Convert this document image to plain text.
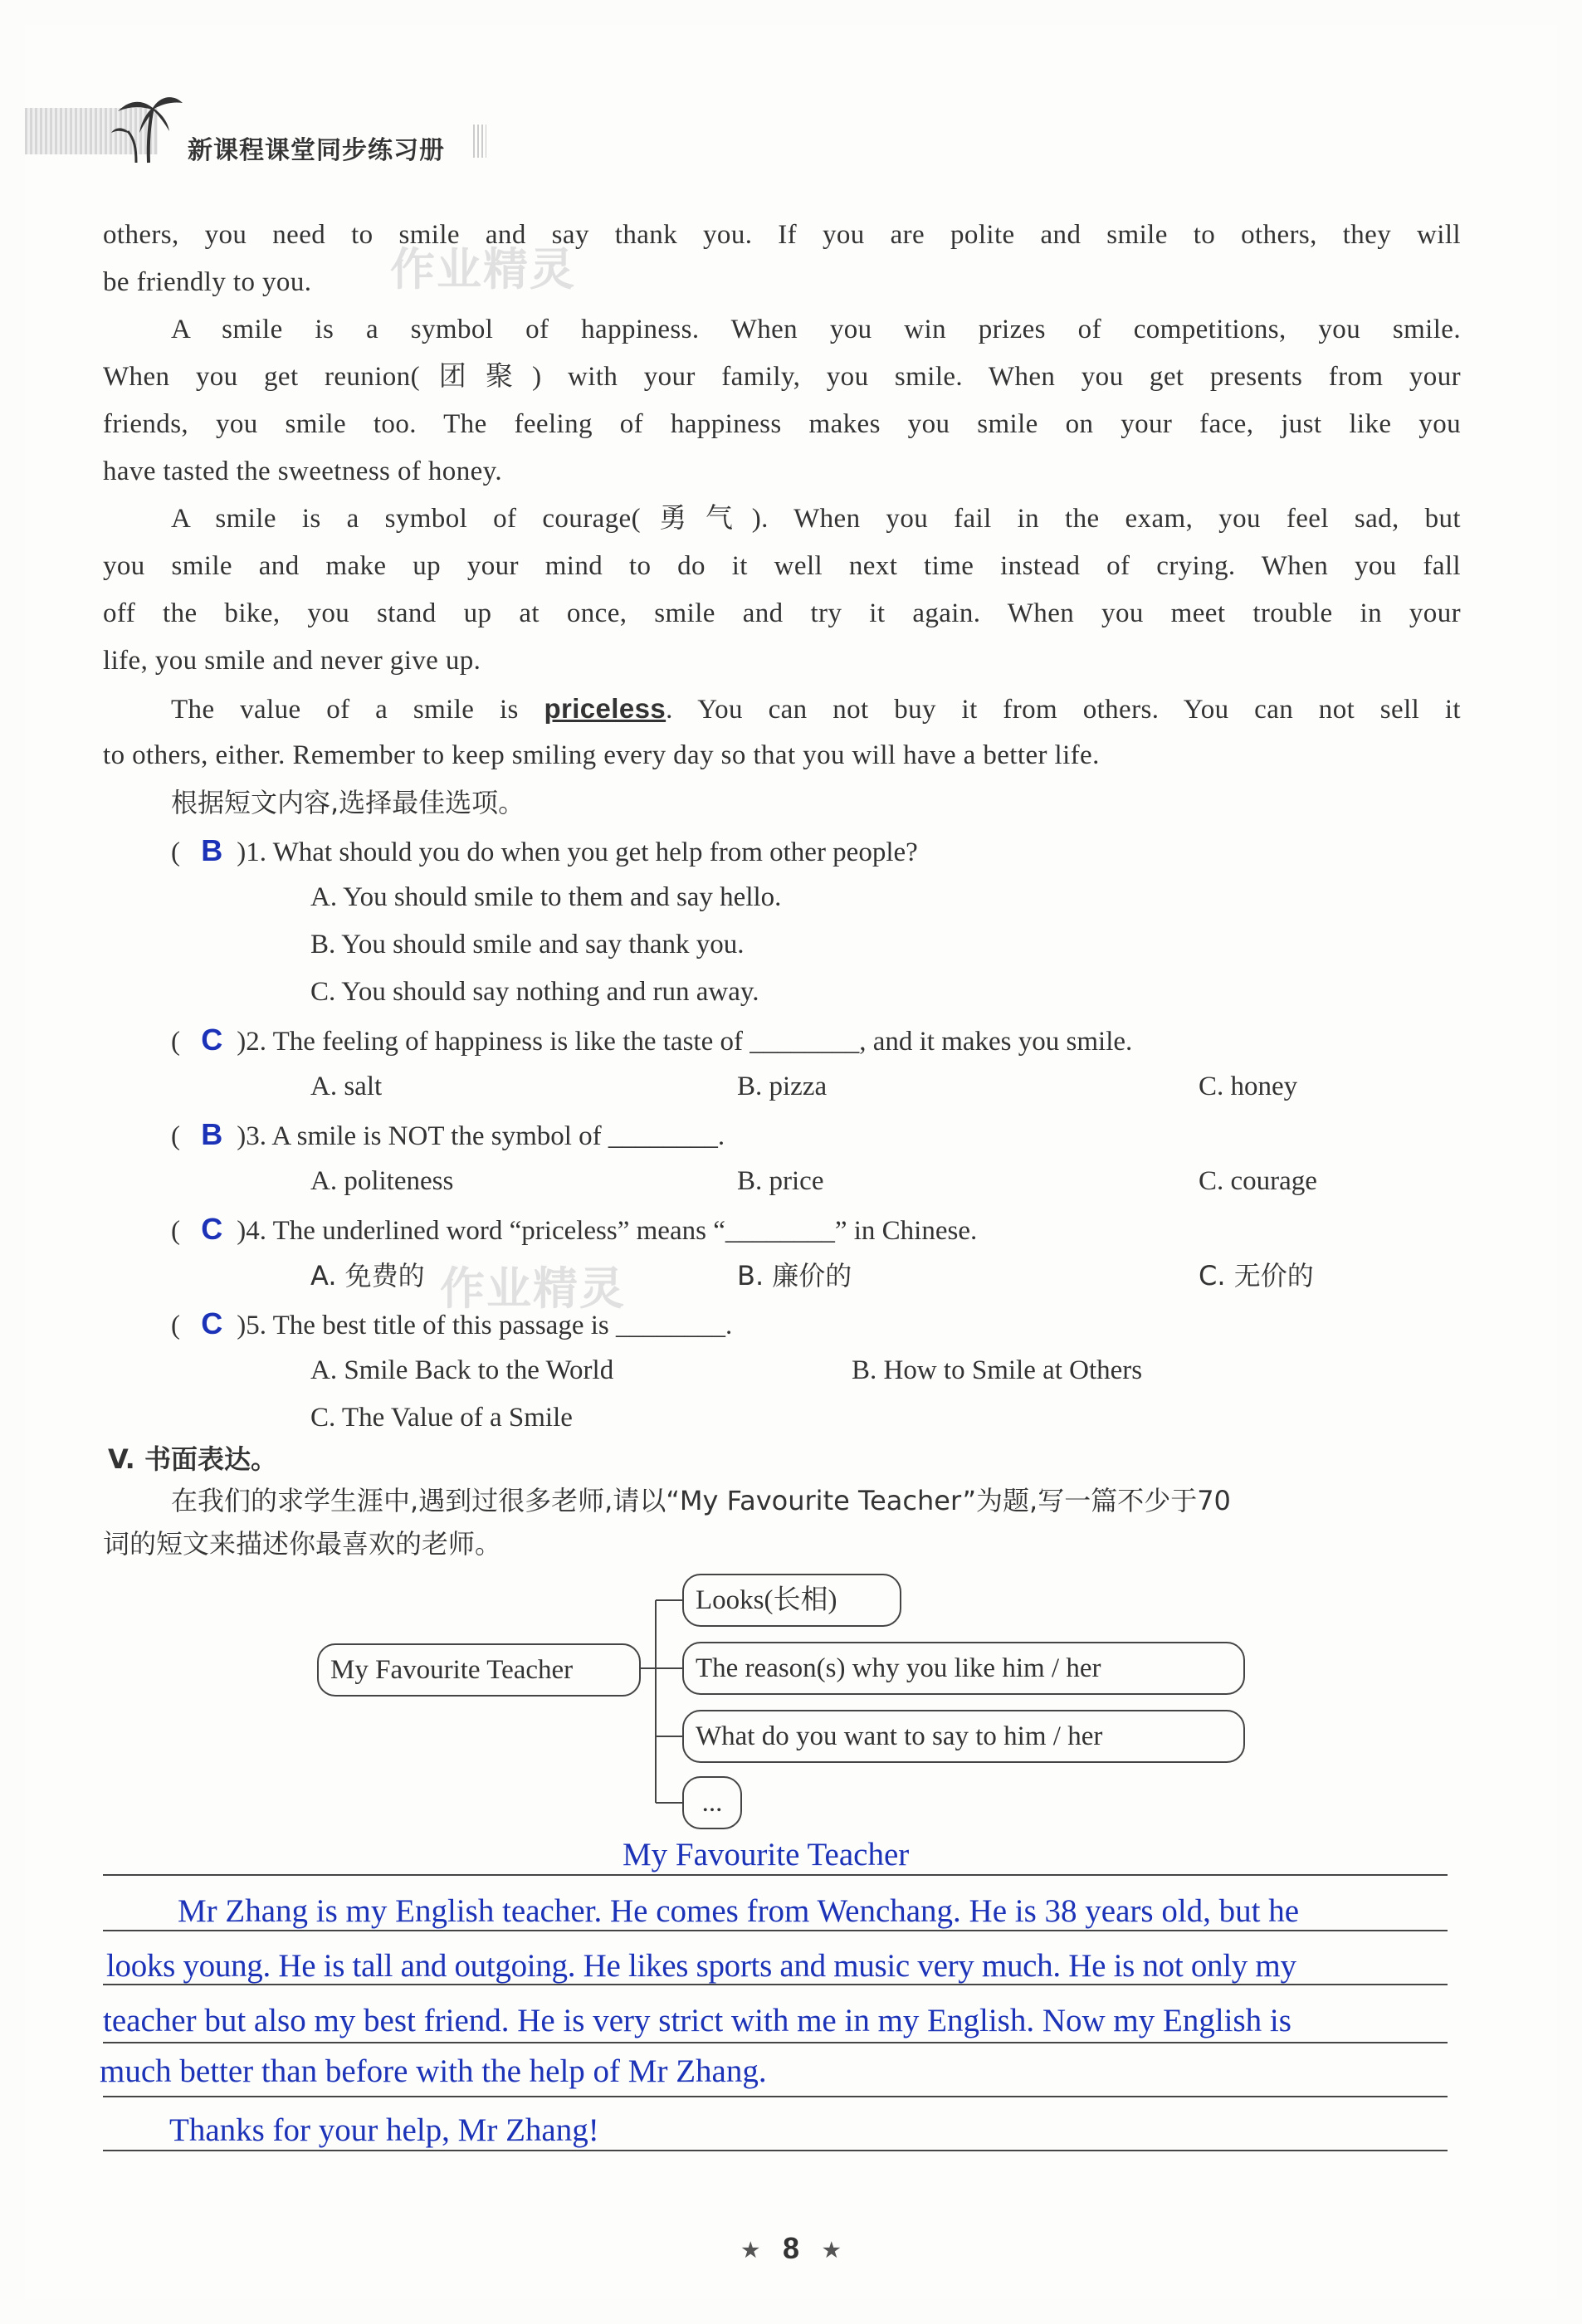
新课程课堂同步练习册
作业精灵
作业精灵
others, you need to smile and say thank you. If you are polite and smile to others, they will
be friendly to you.
A smile is a symbol of happiness. When you win prizes of competitions, you smile.
When you get reunion(团聚) with your family, you smile. When you get presents from your
friends, you smile too. The feeling of happiness makes you smile on your face, just like you
have tasted the sweetness of honey.
A smile is a symbol of courage(勇气). When you fail in the exam, you feel sad, but
you smile and make up your mind to do it well next time instead of crying. When you fall
off the bike, you stand up at once, smile and try it again. When you meet trouble in your
life, you smile and never give up.
The value of a smile is priceless. You can not buy it from others. You can not sell it
to others, either. Remember to keep smiling every day so that you will have a better life.
根据短文内容,选择最佳选项。
( B )1. What should you do when you get help from other people?
A. You should smile to them and say hello.
B. You should smile and say thank you.
C. You should say nothing and run away.
( C )2. The feeling of happiness is like the taste of ________, and it makes you smile.
A. salt	B. pizza	C. honey
( B )3. A smile is NOT the symbol of ________.
A. politeness	B. price	C. courage
( C )4. The underlined word “priceless” means “________” in Chinese.
A. 免费的	B. 廉价的	C. 无价的
( C )5. The best title of this passage is ________.
A. Smile Back to the World	B. How to Smile at Others
C. The Value of a Smile
V. 书面表达。
在我们的求学生涯中,遇到过很多老师,请以“My Favourite Teacher”为题,写一篇不少于70
词的短文来描述你最喜欢的老师。
My Favourite Teacher
Looks(长相)
The reason(s) why you like him / her
What do you want to say to him / her
...
My Favourite Teacher
Mr Zhang is my English teacher. He comes from Wenchang. He is 38 years old, but he
looks young. He is tall and outgoing. He likes sports and music very much. He is not only my
teacher but also my best friend. He is very strict with me in my English. Now my English is
much better than before with the help of Mr Zhang.
Thanks for your help, Mr Zhang!
★ 8 ★
